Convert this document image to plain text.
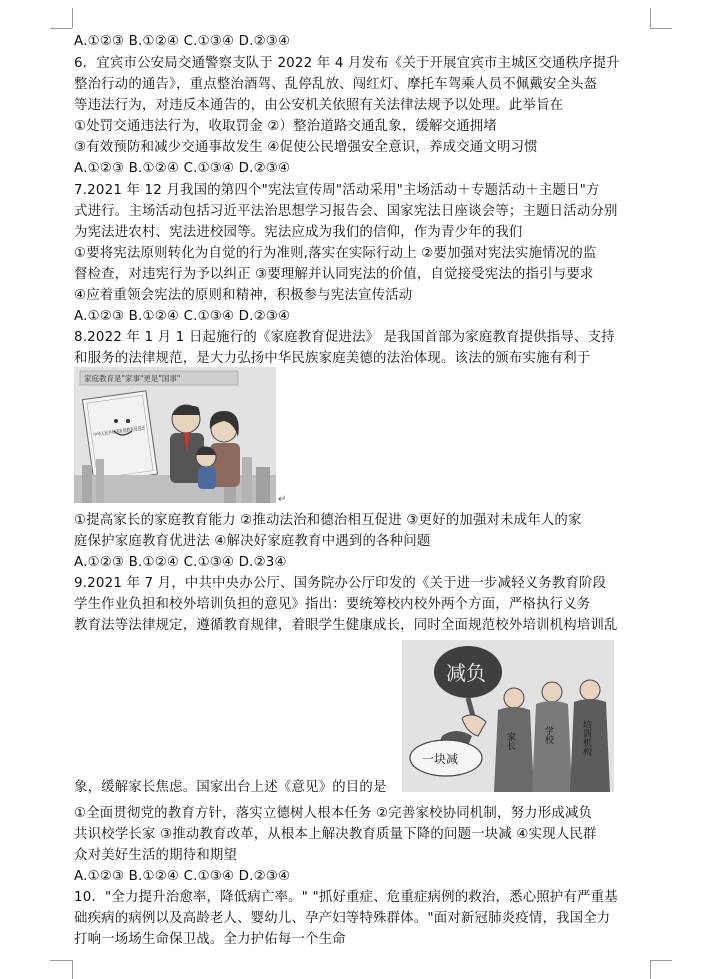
A.①②③ B.①②④ C.①③④ D.②③④
6．宜宾市公安局交通警察支队于 2022 年 4 月发布《关于开展宜宾市主城区交通秩序提升
整治行动的通告》，重点整治酒驾、乱停乱放、闯红灯、摩托车驾乘人员不佩戴安全头盔
等违法行为，对违反本通告的，由公安机关依照有关法律法规予以处理。此举旨在
①处罚交通违法行为，收取罚金 ②）整治道路交通乱象，缓解交通拥堵
③有效预防和减少交通事故发生 ④促使公民增强安全意识，养成交通文明习惯
A.①②③ B.①②④ C.①③④ D.②③④
7.2021 年 12 月我国的第四个"宪法宣传周"活动采用"主场活动＋专题活动＋主题日"方
式进行。主场活动包括习近平法治思想学习报告会、国家宪法日座谈会等；主题日活动分别
为宪法进农村、宪法进校园等。宪法应成为我们的信仰，作为青少年的我们
①要将宪法原则转化为自觉的行为准则,落实在实际行动上 ②要加强对宪法实施情况的监
督检查，对违宪行为予以纠正 ③要理解并认同宪法的价值，自觉接受宪法的指引与要求
④应着重领会宪法的原则和精神，积极参与宪法宣传活动
A.①②③ B.①②④ C.①③④ D.②③④
8.2022 年 1 月 1 日起施行的《家庭教育促进法》 是我国首部为家庭教育提供指导、支持
和服务的法律规范，是大力弘扬中华民族家庭美德的法治体现。该法的颁布实施有利于
家庭教育是"家事"更是"国事"
中华人民共和国家庭教育促进法
↵
①提高家长的家庭教育能力 ②推动法治和德治相互促进 ③更好的加强对未成年人的家
庭保护家庭教育优进法 ④解决好家庭教育中遇到的各种问题
A.①②③ B.①②④ C.①③④ D.②3④
9.2021 年 7 月，中共中央办公厅、国务院办公厅印发的《关于进一步减轻义务教育阶段
学生作业负担和校外培训负担的意见》指出：要统筹校内校外两个方面，严格执行义务
教育法等法律规定，遵循教育规律，着眼学生健康成长，同时全面规范校外培训机构培训乱
减负
一块减
家长	学校	培训机构
象，缓解家长焦虑。国家出台上述《意见》的目的是
①全面贯彻党的教育方针，落实立德树人根本任务 ②完善家校协同机制，努力形成减负
共识校学长家 ③推动教育改革，从根本上解决教育质量下降的问题一块减 ④实现人民群
众对美好生活的期待和期望
A.①②③ B.①②④ C.①③④ D.②③④
10．"全力提升治愈率，降低病亡率。" "抓好重症、危重症病例的救治，悉心照护有严重基
础疾病的病例以及高龄老人、婴幼儿、孕产妇等特殊群体。"面对新冠肺炎疫情，我国全力
打响一场场生命保卫战。全力护佑每一个生命
